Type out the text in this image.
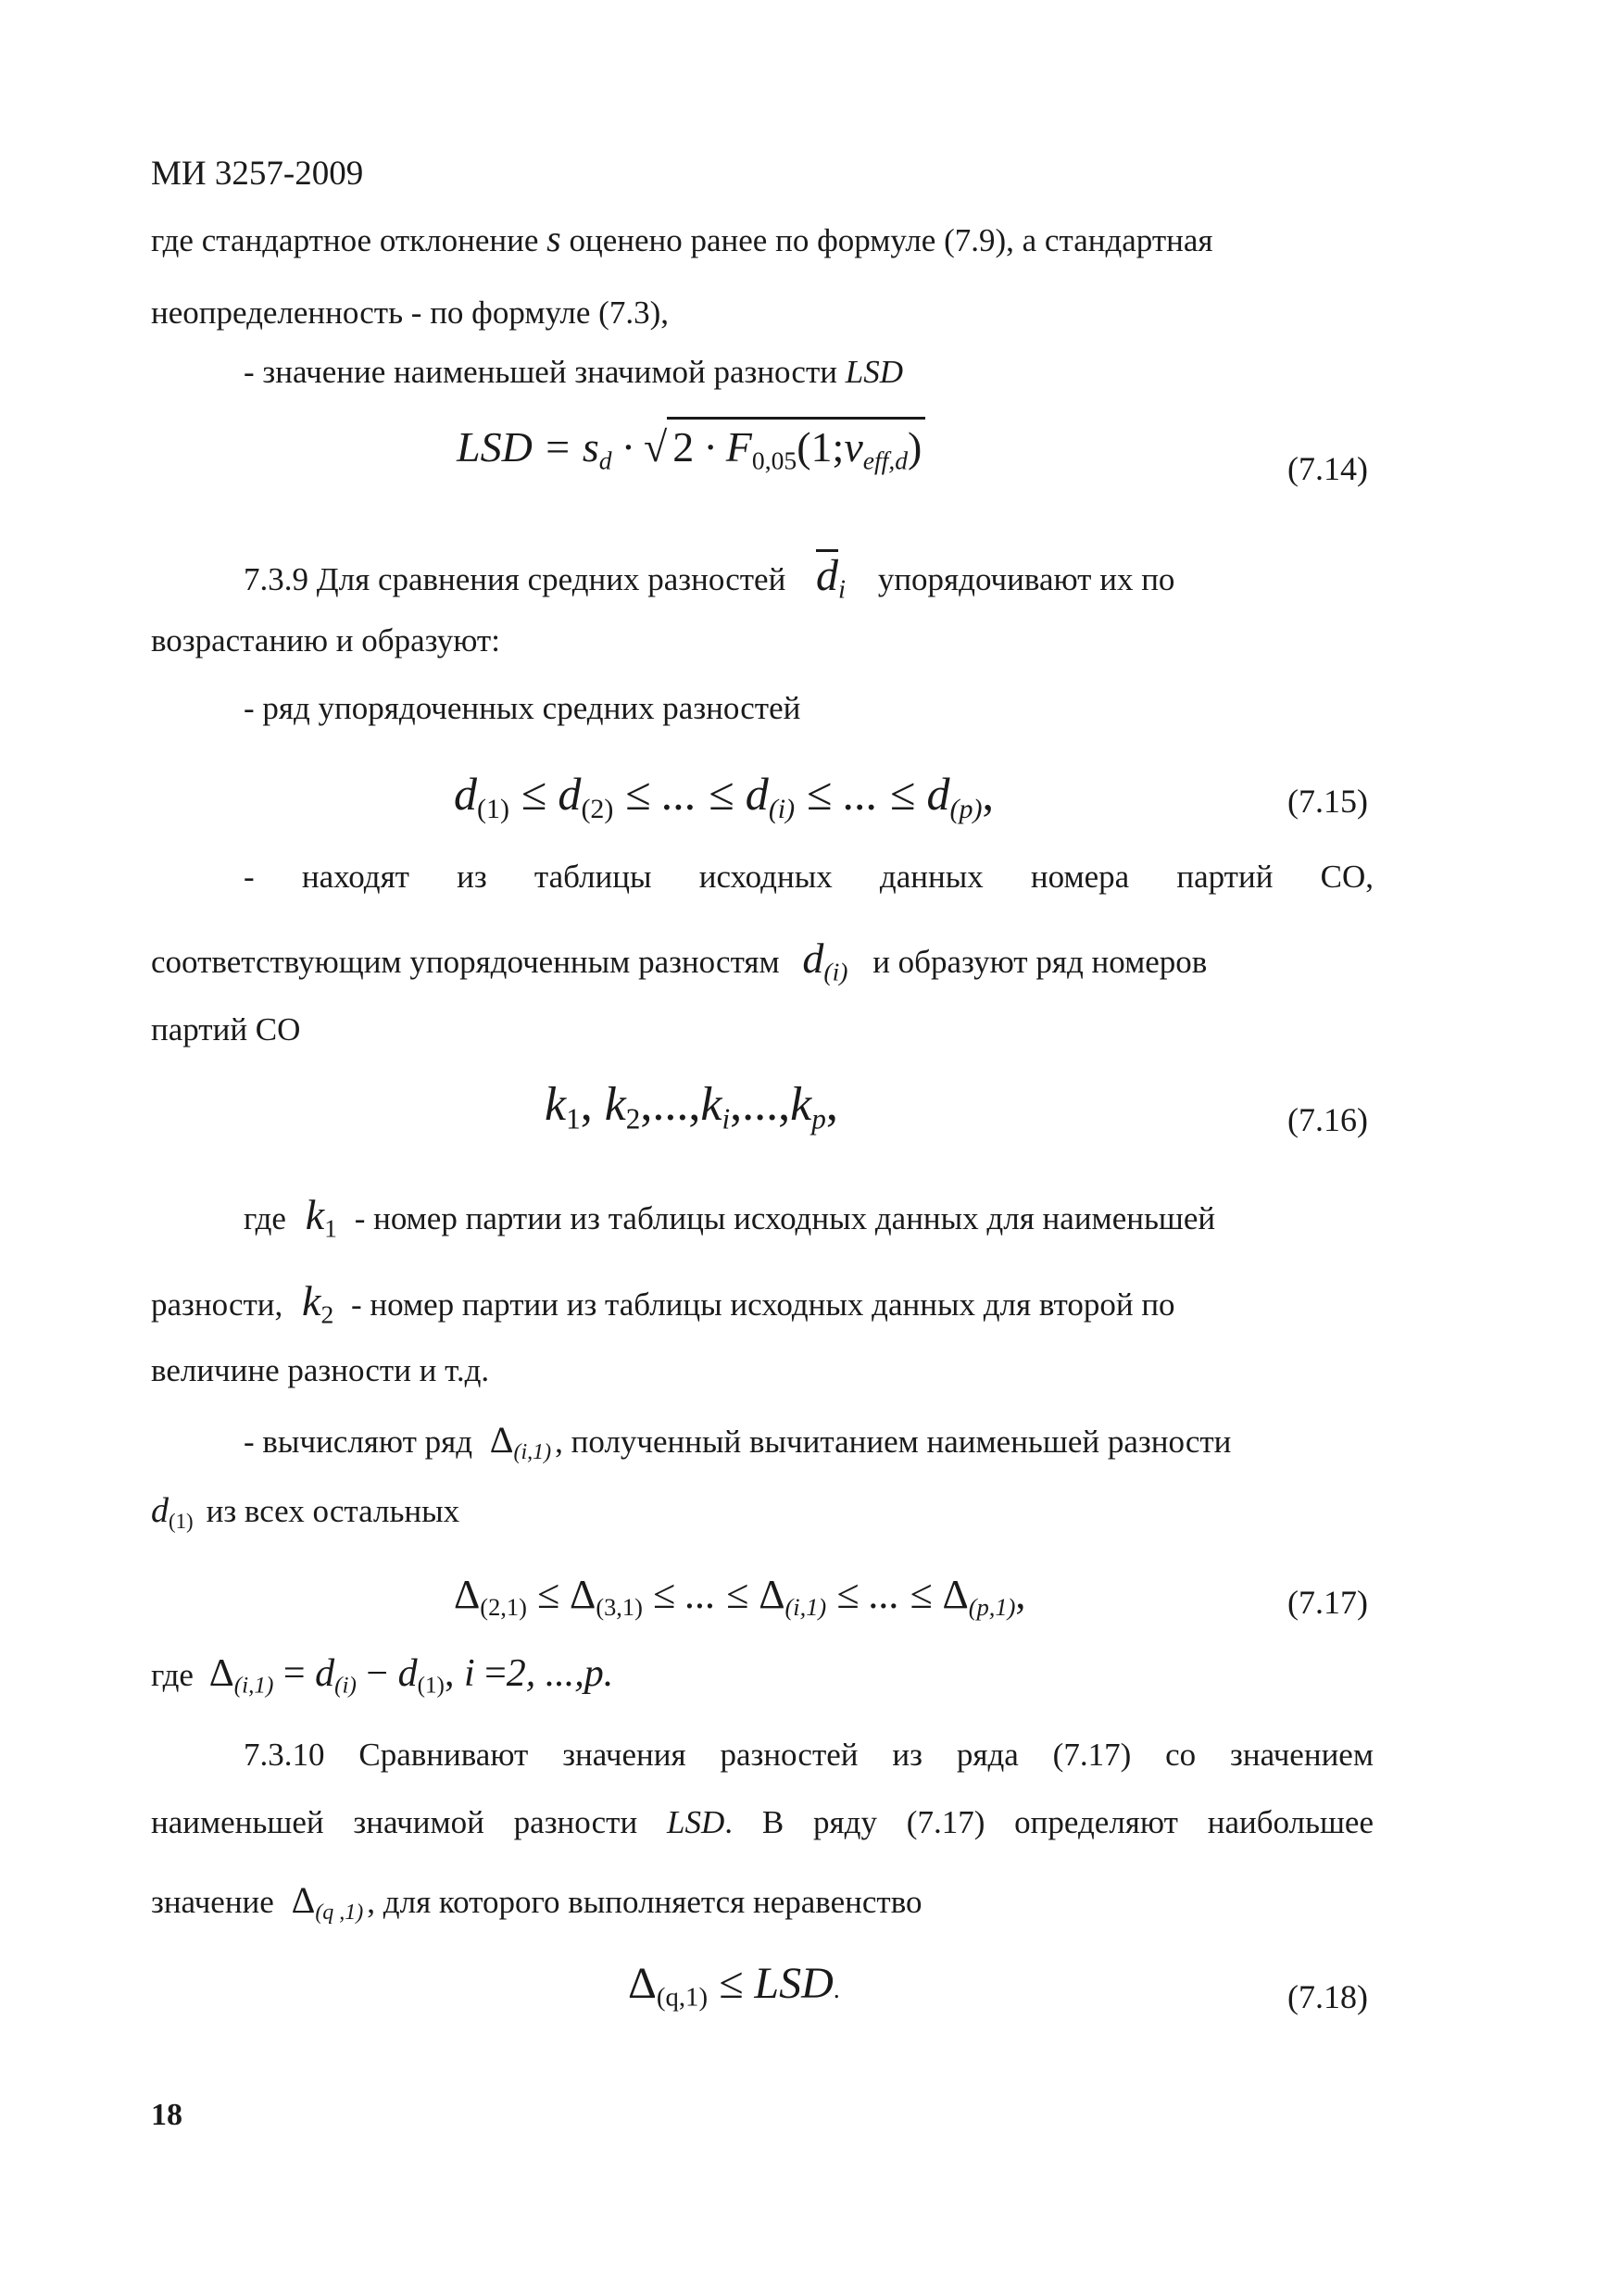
МИ 3257-2009
где стандартное отклонение s оценено ранее по формуле (7.9), а стандартная
неопределенность - по формуле (7.3),
- значение наименьшей значимой разности LSD
LSD = $s_d$ · √ $2 \cdot F_{0,05}(1;\nu_{eff,d})$	(7.14)
7.3.9 Для сравнения средних разностей $d_i$ упорядочивают их по
возрастанию и образуют:
- ряд упорядоченных средних разностей
$d_{(1)} \le d_{(2)}$ ≤ ... ≤ $d_{(i)}$ ≤ ... ≤ $d_{(p)}$,	(7.15)
- находят из таблицы исходных данных номера партий СО,
соответствующим упорядоченным разностям $d_{(i)}$ и образуют ряд номеров
партий СО
$k_1$, $k_2,...,k_i,...,k_p$,	(7.16)
где $k_1$ - номер партии из таблицы исходных данных для наименьшей
разности, $k_2$ - номер партии из таблицы исходных данных для второй по
величине разности и т.д.
- вычисляют ряд $\Delta_{(i,1)}$ , полученный вычитанием наименьшей разности
$d_{(1)}$ из всех остальных
$\Delta_{(2,1)} \le \Delta_{(3,1)}$ ≤ ... ≤ $\Delta_{(i,1)}$ ≤ ... ≤ $\Delta_{(p,1)}$,	(7.17)
где $\Delta_{(i,1)} = d_{(i)} - d_{(1)}$, i =2, ...,p.
7.3.10 Сравнивают значения разностей из ряда (7.17) со значением
наименьшей значимой разности LSD. В ряду (7.17) определяют наибольшее
значение $\Delta_{(q ,1)}$ , для которого выполняется неравенство
$\Delta_{(q,1)}$ ≤ LSD.	(7.18)
18
